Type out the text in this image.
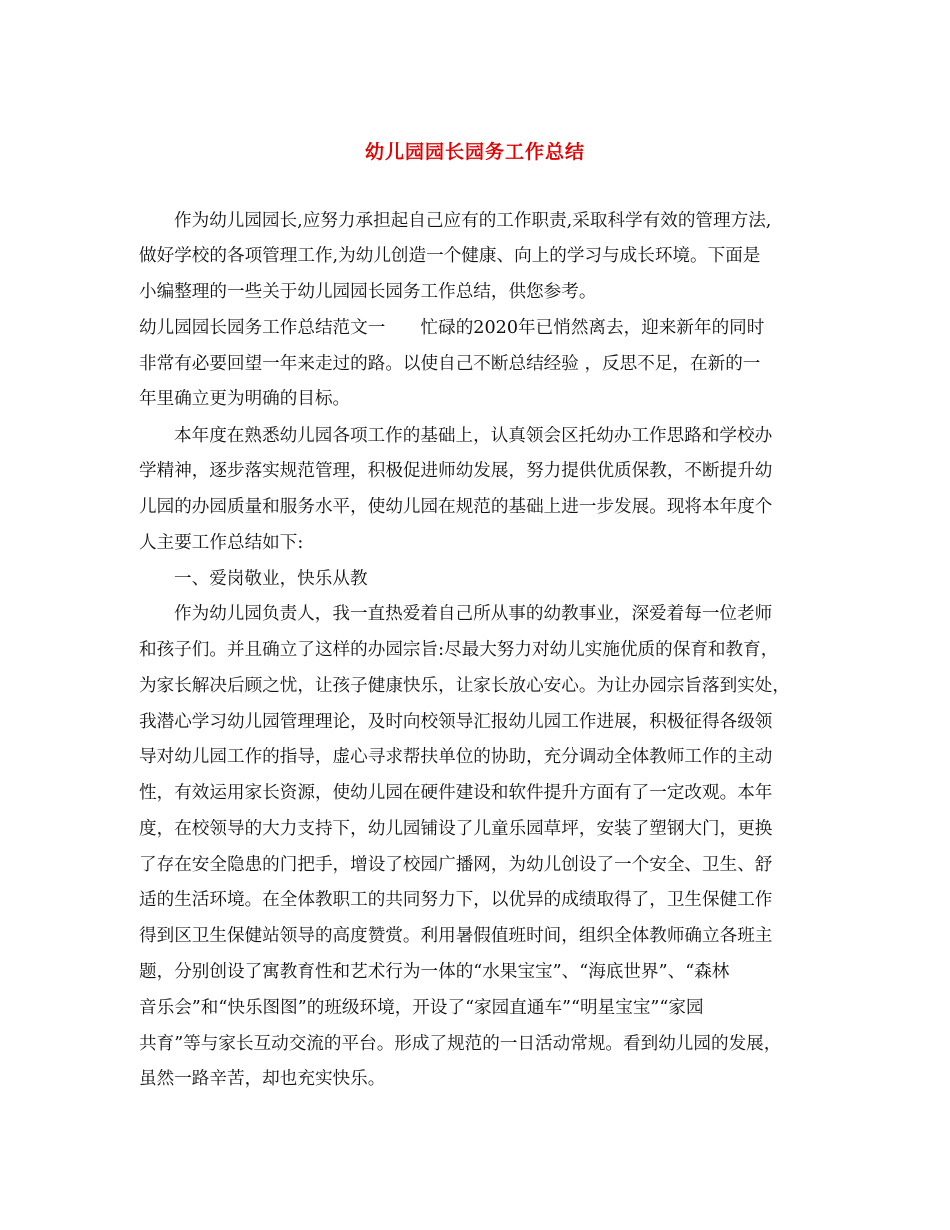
幼儿园园长园务工作总结
作为幼儿园园长,应努力承担起自己应有的工作职责,采取科学有效的管理方法,
做好学校的各项管理工作,为幼儿创造一个健康、向上的学习与成长环境。下面是
小编整理的一些关于幼儿园园长园务工作总结，供您参考。
幼儿园园长园务工作总结范文一　　忙碌的2020年已悄然离去，迎来新年的同时
非常有必要回望一年来走过的路。以使自己不断总结经验 ，反思不足，在新的一
年里确立更为明确的目标。
本年度在熟悉幼儿园各项工作的基础上，认真领会区托幼办工作思路和学校办
学精神，逐步落实规范管理，积极促进师幼发展，努力提供优质保教，不断提升幼
儿园的办园质量和服务水平，使幼儿园在规范的基础上进一步发展。现将本年度个
人主要工作总结如下:
一、爱岗敬业，快乐从教
作为幼儿园负责人，我一直热爱着自己所从事的幼教事业，深爱着每一位老师
和孩子们。并且确立了这样的办园宗旨:尽最大努力对幼儿实施优质的保育和教育，
为家长解决后顾之忧，让孩子健康快乐，让家长放心安心。为让办园宗旨落到实处，
我潜心学习幼儿园管理理论，及时向校领导汇报幼儿园工作进展，积极征得各级领
导对幼儿园工作的指导，虚心寻求帮扶单位的协助，充分调动全体教师工作的主动
性，有效运用家长资源，使幼儿园在硬件建设和软件提升方面有了一定改观。本年
度，在校领导的大力支持下，幼儿园铺设了儿童乐园草坪，安装了塑钢大门，更换
了存在安全隐患的门把手，增设了校园广播网，为幼儿创设了一个安全、卫生、舒
适的生活环境。在全体教职工的共同努力下，以优异的成绩取得了，卫生保健工作
得到区卫生保健站领导的高度赞赏。利用暑假值班时间，组织全体教师确立各班主
题，分别创设了寓教育性和艺术行为一体的“水果宝宝”、“海底世界”、“森林
音乐会”和“快乐图图”的班级环境，开设了“家园直通车”“明星宝宝”“家园
共育”等与家长互动交流的平台。形成了规范的一日活动常规。看到幼儿园的发展，
虽然一路辛苦，却也充实快乐。
